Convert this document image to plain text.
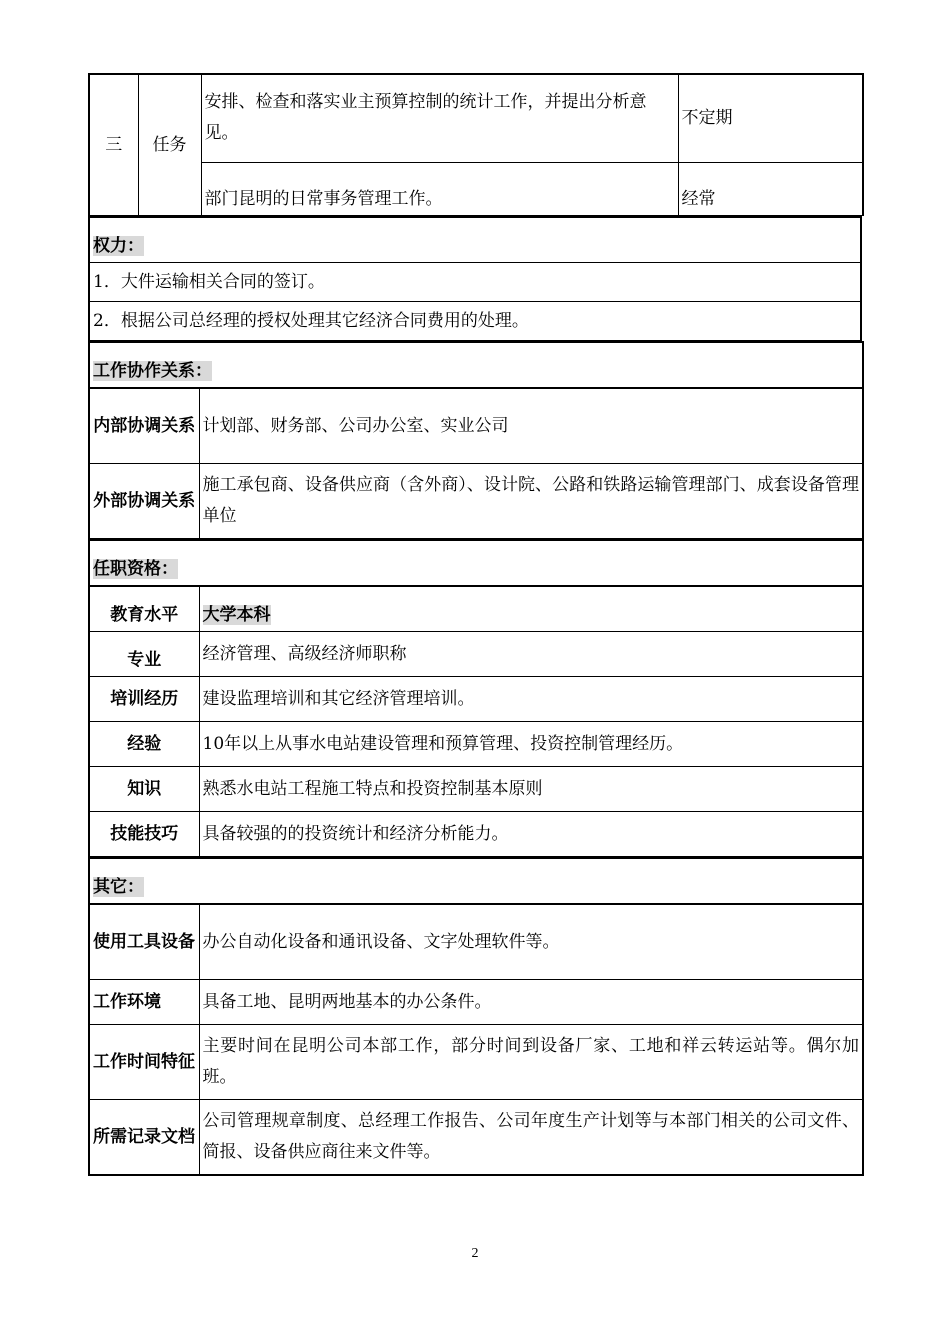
三	任务	安排、检查和落实业主预算控制的统计工作，并提出分析意见。	不定期
		部门昆明的日常事务管理工作。	经常
权力：
1．大件运输相关合同的签订。
2．根据公司总经理的授权处理其它经济合同费用的处理。
工作协作关系：	
内部协调关系	计划部、财务部、公司办公室、实业公司
外部协调关系	施工承包商、设备供应商（含外商）、设计院、公路和铁路运输管理部门、成套设备管理单位
任职资格：	
教育水平	大学本科
专业	经济管理、高级经济师职称
培训经历	建设监理培训和其它经济管理培训。
经验	10年以上从事水电站建设管理和预算管理、投资控制管理经历。
知识	熟悉水电站工程施工特点和投资控制基本原则
技能技巧	具备较强的的投资统计和经济分析能力。
其它：	
使用工具设备	办公自动化设备和通讯设备、文字处理软件等。
工作环境	具备工地、昆明两地基本的办公条件。
工作时间特征	主要时间在昆明公司本部工作，部分时间到设备厂家、工地和祥云转运站等。偶尔加班。
所需记录文档	公司管理规章制度、总经理工作报告、公司年度生产计划等与本部门相关的公司文件、简报、设备供应商往来文件等。
2
